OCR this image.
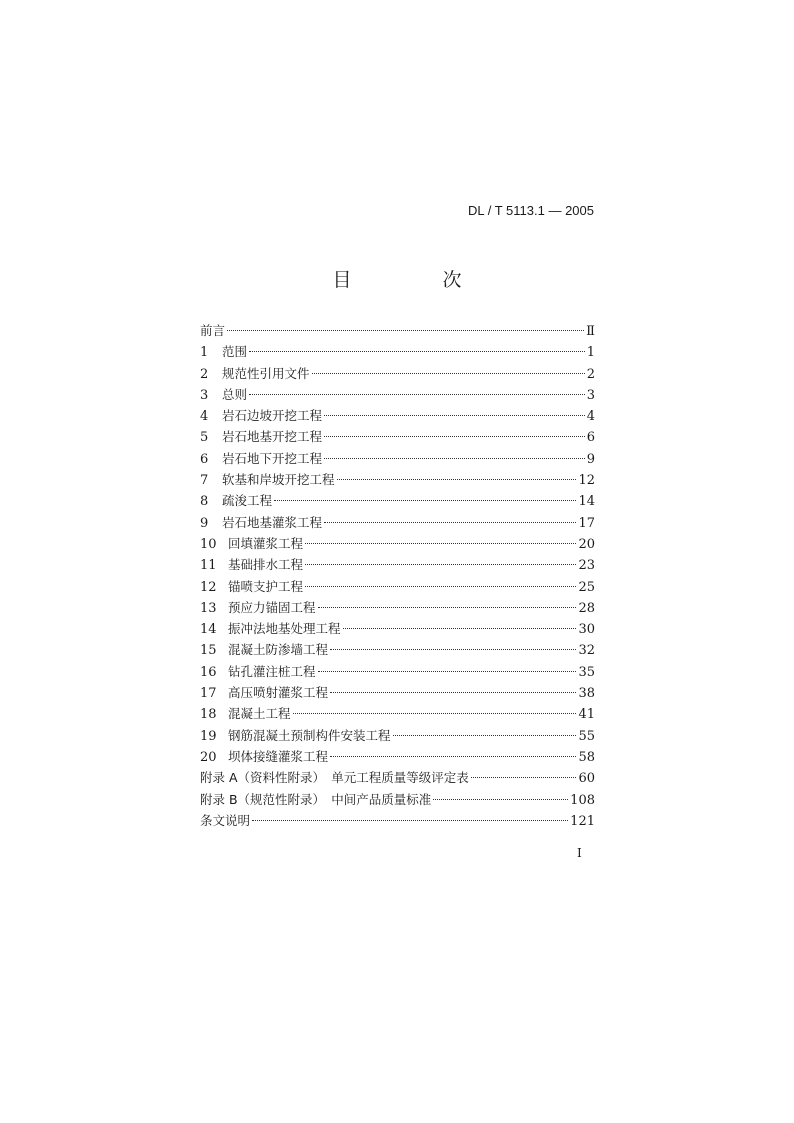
DL / T 5113.1 — 2005
目　次
前言	Ⅱ
1	范围	1
2	规范性引用文件	2
3	总则	3
4	岩石边坡开挖工程	4
5	岩石地基开挖工程	6
6	岩石地下开挖工程	9
7	软基和岸坡开挖工程	12
8	疏浚工程	14
9	岩石地基灌浆工程	17
10 回填灌浆工程	20
11 基础排水工程	23
12 锚喷支护工程	25
13 预应力锚固工程	28
14 振冲法地基处理工程	30
15 混凝土防渗墙工程	32
16 钻孔灌注桩工程	35
17 高压喷射灌浆工程	38
18 混凝土工程	41
19 钢筋混凝土预制构件安装工程	55
20 坝体接缝灌浆工程	58
附录 A（资料性附录）　单元工程质量等级评定表	60
附录 B（规范性附录）　中间产品质量标准	108
条文说明	121
I
